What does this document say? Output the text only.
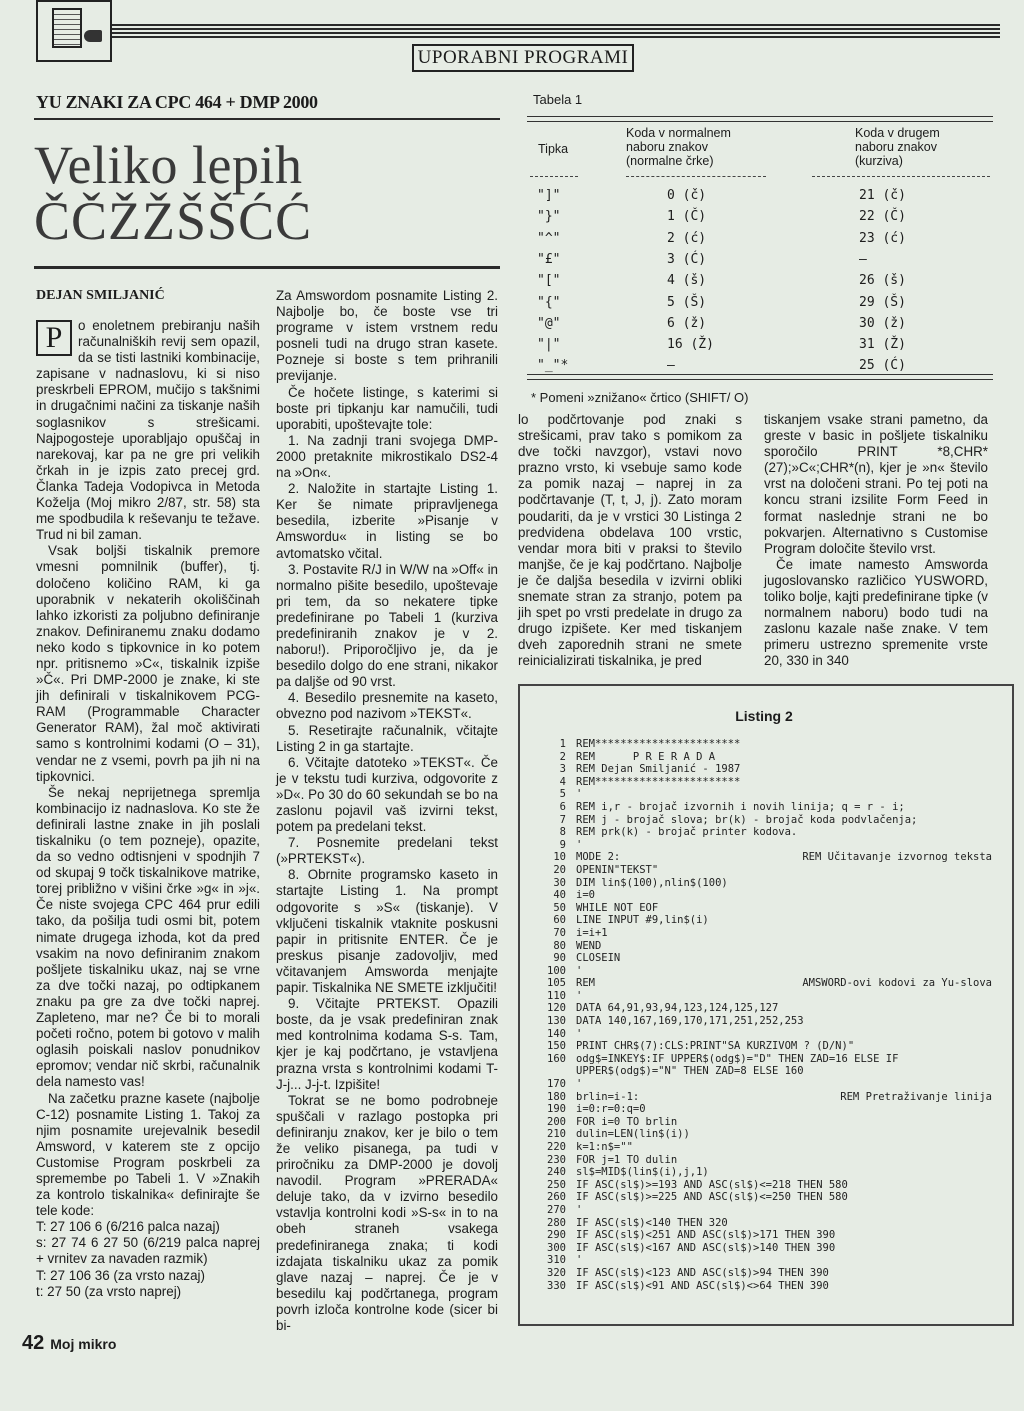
UPORABNI PROGRAMI
YU ZNAKI ZA CPC 464 + DMP 2000
Veliko lepih
ČČŽŽŠŠĆĆ
DEJAN SMILJANIĆ

P	o enoletnem prebiranju naših računalniških revij sem opazil, da se tisti lastniki kombinacije, zapisane v nadnaslovu, ki si niso preskrbeli EPROM, mučijo s takšnimi in drugačnimi načini za tiskanje naših soglasnikov s strešicami. Najpogosteje uporabljajo opuščaj in narekovaj, kar pa ne gre pri velikih črkah in je izpis zato precej grd. Članka Tadeja Vodopivca in Metoda Koželja (Moj mikro 2/87, str. 58) sta me spodbudila k reševanju te težave. Trud ni bil zaman.

Vsak boljši tiskalnik premore vmesni pomnilnik (buffer), tj. določeno količino RAM, ki ga uporabnik v nekaterih okoliščinah lahko izkoristi za poljubno definiranje znakov. Definiranemu znaku dodamo neko kodo s tipkovnice in ko potem npr. pritisnemo »C«, tiskalnik izpiše »Č«. Pri DMP-2000 je znake, ki ste jih definirali v tiskalnikovem PCG-RAM (Programmable Character Generator RAM), žal moč aktivirati samo s kontrolnimi kodami (O – 31), vendar ne z vsemi, povrh pa jih ni na tipkovnici.

Še nekaj neprijetnega spremlja kombinacijo iz nadnaslova. Ko ste že definirali lastne znake in jih poslali tiskalniku (o tem pozneje), opazite, da so vedno odtisnjeni v spodnjih 7 od skupaj 9 točk tiskalnikove matrike, torej približno v višini črke »g« in »j«. Če niste svojega CPC 464 prur edili tako, da pošilja tudi osmi bit, potem nimate drugega izhoda, kot da pred vsakim na novo definiranim znakom pošljete tiskalniku ukaz, naj se vrne za dve točki nazaj, po odtipkanem znaku pa gre za dve točki naprej. Zapleteno, mar ne? Če bi to morali početi ročno, potem bi gotovo v malih oglasih poiskali naslov ponudnikov epromov; vendar nič skrbi, računalnik dela namesto vas!

Na začetku prazne kasete (najbolje C-12) posnamite Listing 1. Takoj za njim posnamite urejevalnik besedil Amsword, v katerem ste z opcijo Customise Program poskrbeli za spremembe po Tabeli 1. V »Znakih za kontrolo tiskalnika« definirajte še tele kode:

T: 27 106 6 (6/216 palca nazaj)

s: 27 74 6 27 50 (6/219 palca naprej + vrnitev za navaden razmik)

T: 27 106 36 (za vrsto nazaj)

t: 27 50 (za vrsto naprej)

Za Amswordom posnamite Listing 2. Najbolje bo, če boste vse tri programe v istem vrstnem redu posneli tudi na drugo stran kasete. Pozneje si boste s tem prihranili previjanje.

Če hočete listinge, s katerimi si boste pri tipkanju kar namučili, tudi uporabiti, upoštevajte tole:

1. Na zadnji trani svojega DMP-2000 pretaknite mikrostikalo DS2-4 na »On«.

2. Naložite in startajte Listing 1. Ker še nimate pripravljenega besedila, izberite »Pisanje v Amswordu« in listing se bo avtomatsko včital.

3. Postavite R/J in W/W na »Off« in normalno pišite besedilo, upoštevaje pri tem, da so nekatere tipke predefinirane po Tabeli 1 (kurziva predefiniranih znakov je v 2. naboru!). Priporočljivo je, da je besedilo dolgo do ene strani, nikakor pa daljše od 90 vrst.

4. Besedilo presnemite na kaseto, obvezno pod nazivom »TEKST«.

5. Resetirajte računalnik, včitajte Listing 2 in ga startajte.

6. Včitajte datoteko »TEKST«. Če je v tekstu tudi kurziva, odgovorite z »D«. Po 30 do 60 sekundah se bo na zaslonu pojavil vaš izvirni tekst, potem pa predelani tekst.

7. Posnemite predelani tekst (»PRTEKST«).

8. Obrnite programsko kaseto in startajte Listing 1. Na prompt odgovorite s »S« (tiskanje). V vključeni tiskalnik vtaknite poskusni papir in pritisnite ENTER. Če je preskus pisanje zadovoljiv, med včitavanjem Amsworda menjajte papir. Tiskalnika NE SMETE izključiti!

9. Včitajte PRTEKST. Opazili boste, da je vsak predefiniran znak med kontrolnima kodama S-s. Tam, kjer je kaj podčrtano, je vstavljena prazna vrsta s kontrolnimi kodami T-J-j... J-j-t. Izpišite!

Tokrat se ne bomo podrobneje spuščali v razlago postopka pri definiranju znakov, ker je bilo o tem že veliko pisanega, pa tudi v priročniku za DMP-2000 je dovolj navodil. Program »PRERADA« deluje tako, da v izvirno besedilo vstavlja kontrolni kodi »S-s« in to na obeh straneh vsakega predefiniranega znaka; ti kodi izdajata tiskalniku ukaz za pomik glave nazaj – naprej. Če je v besedilu kaj podčrtanega, program povrh izloča kontrolne kode (sicer bi bi-

Tabela 1
Tipka
Koda v normalnem
naboru znakov
(normalne črke)
Koda v drugem
naboru znakov
(kurziva)
"]"	0 (č)	21 (č)
"}"	1 (Č)	22 (Č)
"^"	2 (ć)	23 (ć)
"£"	3 (Ć)	–
"["	4 (š)	26 (š)
"{"	5 (Š)	29 (Š)
"@"	6 (ž)	30 (ž)
"|"	16 (Ž)	31 (Ž)
"_"*	–	25 (Ć)
* Pomeni »znižano« črtico (SHIFT/ O)

lo podčrtovanje pod znaki s strešicami, prav tako s pomikom za dve točki navzgor), vstavi novo prazno vrsto, ki vsebuje samo kode za pomik nazaj – naprej in za podčrtavanje (T, t, J, j). Zato moram poudariti, da je v vrstici 30 Listinga 2 predvidena obdelava 100 vrstic, vendar mora biti v praksi to število manjše, če je kaj podčrtano. Najbolje je če daljša besedila v izvirni obliki snemate stran za stranjo, potem pa jih spet po vrsti predelate in drugo za drugo izpišete. Ker med tiskanjem dveh zaporednih strani ne smete reinicializirati tiskalnika, je pred

tiskanjem vsake strani pametno, da greste v basic in pošljete tiskalniku sporočilo PRINT *8,CHR*(27);»C«;CHR*(n), kjer je »n« število vrst na določeni strani. Po tej poti na koncu strani izsilite Form Feed in format naslednje strani ne bo pokvarjen. Alternativno s Customise Program določite število vrst.

Če imate namesto Amsworda jugoslovansko različico YUSWORD, toliko bolje, kajti predefinirane tipke (v normalnem naboru) bodo tudi na zaslonu kazale naše znake. V tem primeru ustrezno spremenite vrste 20, 330 in 340

Listing 2
1 REM***********************
2 REM      P R E R A D A
3 REM Dejan Smiljanić - 1987
4 REM***********************
5 '
6 REM i,r - brojač izvornih i novih linija; q = r - i;
7 REM j - brojač slova; br(k) - brojač koda podvlačenja;
8 REM prk(k) - brojač printer kodova.
9 '
10 MODE 2:	REM Učitavanje izvornog teksta
20 OPENIN"TEKST"
30 DIM lin$(100),nlin$(100)
40 i=0
50 WHILE NOT EOF
60 LINE INPUT #9,lin$(i)
70 i=i+1
80 WEND
90 CLOSEIN
100 '
105 REM	AMSWORD-ovi kodovi za Yu-slova
110 '
120 DATA 64,91,93,94,123,124,125,127
130 DATA 140,167,169,170,171,251,252,253
140 '
150 PRINT CHR$(7):CLS:PRINT"SA KURZIVOM ? (D/N)"
160 odg$=INKEY$:IF UPPER$(odg$)="D" THEN ZAD=16 ELSE IF
UPPER$(odg$)="N" THEN ZAD=8 ELSE 160
170 '
180 brlin=i-1:	REM Pretraživanje linija
190 i=0:r=0:q=0
200 FOR i=0 TO brlin
210 dulin=LEN(lin$(i))
220 k=1:n$=""
230 FOR j=1 TO dulin
240 sl$=MID$(lin$(i),j,1)
250 IF ASC(sl$)>=193 AND ASC(sl$)<=218 THEN 580
260 IF ASC(sl$)>=225 AND ASC(sl$)<=250 THEN 580
270 '
280 IF ASC(sl$)<140 THEN 320
290 IF ASC(sl$)<251 AND ASC(sl$)>171 THEN 390
300 IF ASC(sl$)<167 AND ASC(sl$)>140 THEN 390
310 '
320 IF ASC(sl$)<123 AND ASC(sl$)>94 THEN 390
330 IF ASC(sl$)<91 AND ASC(sl$)<>64 THEN 390
42 Moj mikro
